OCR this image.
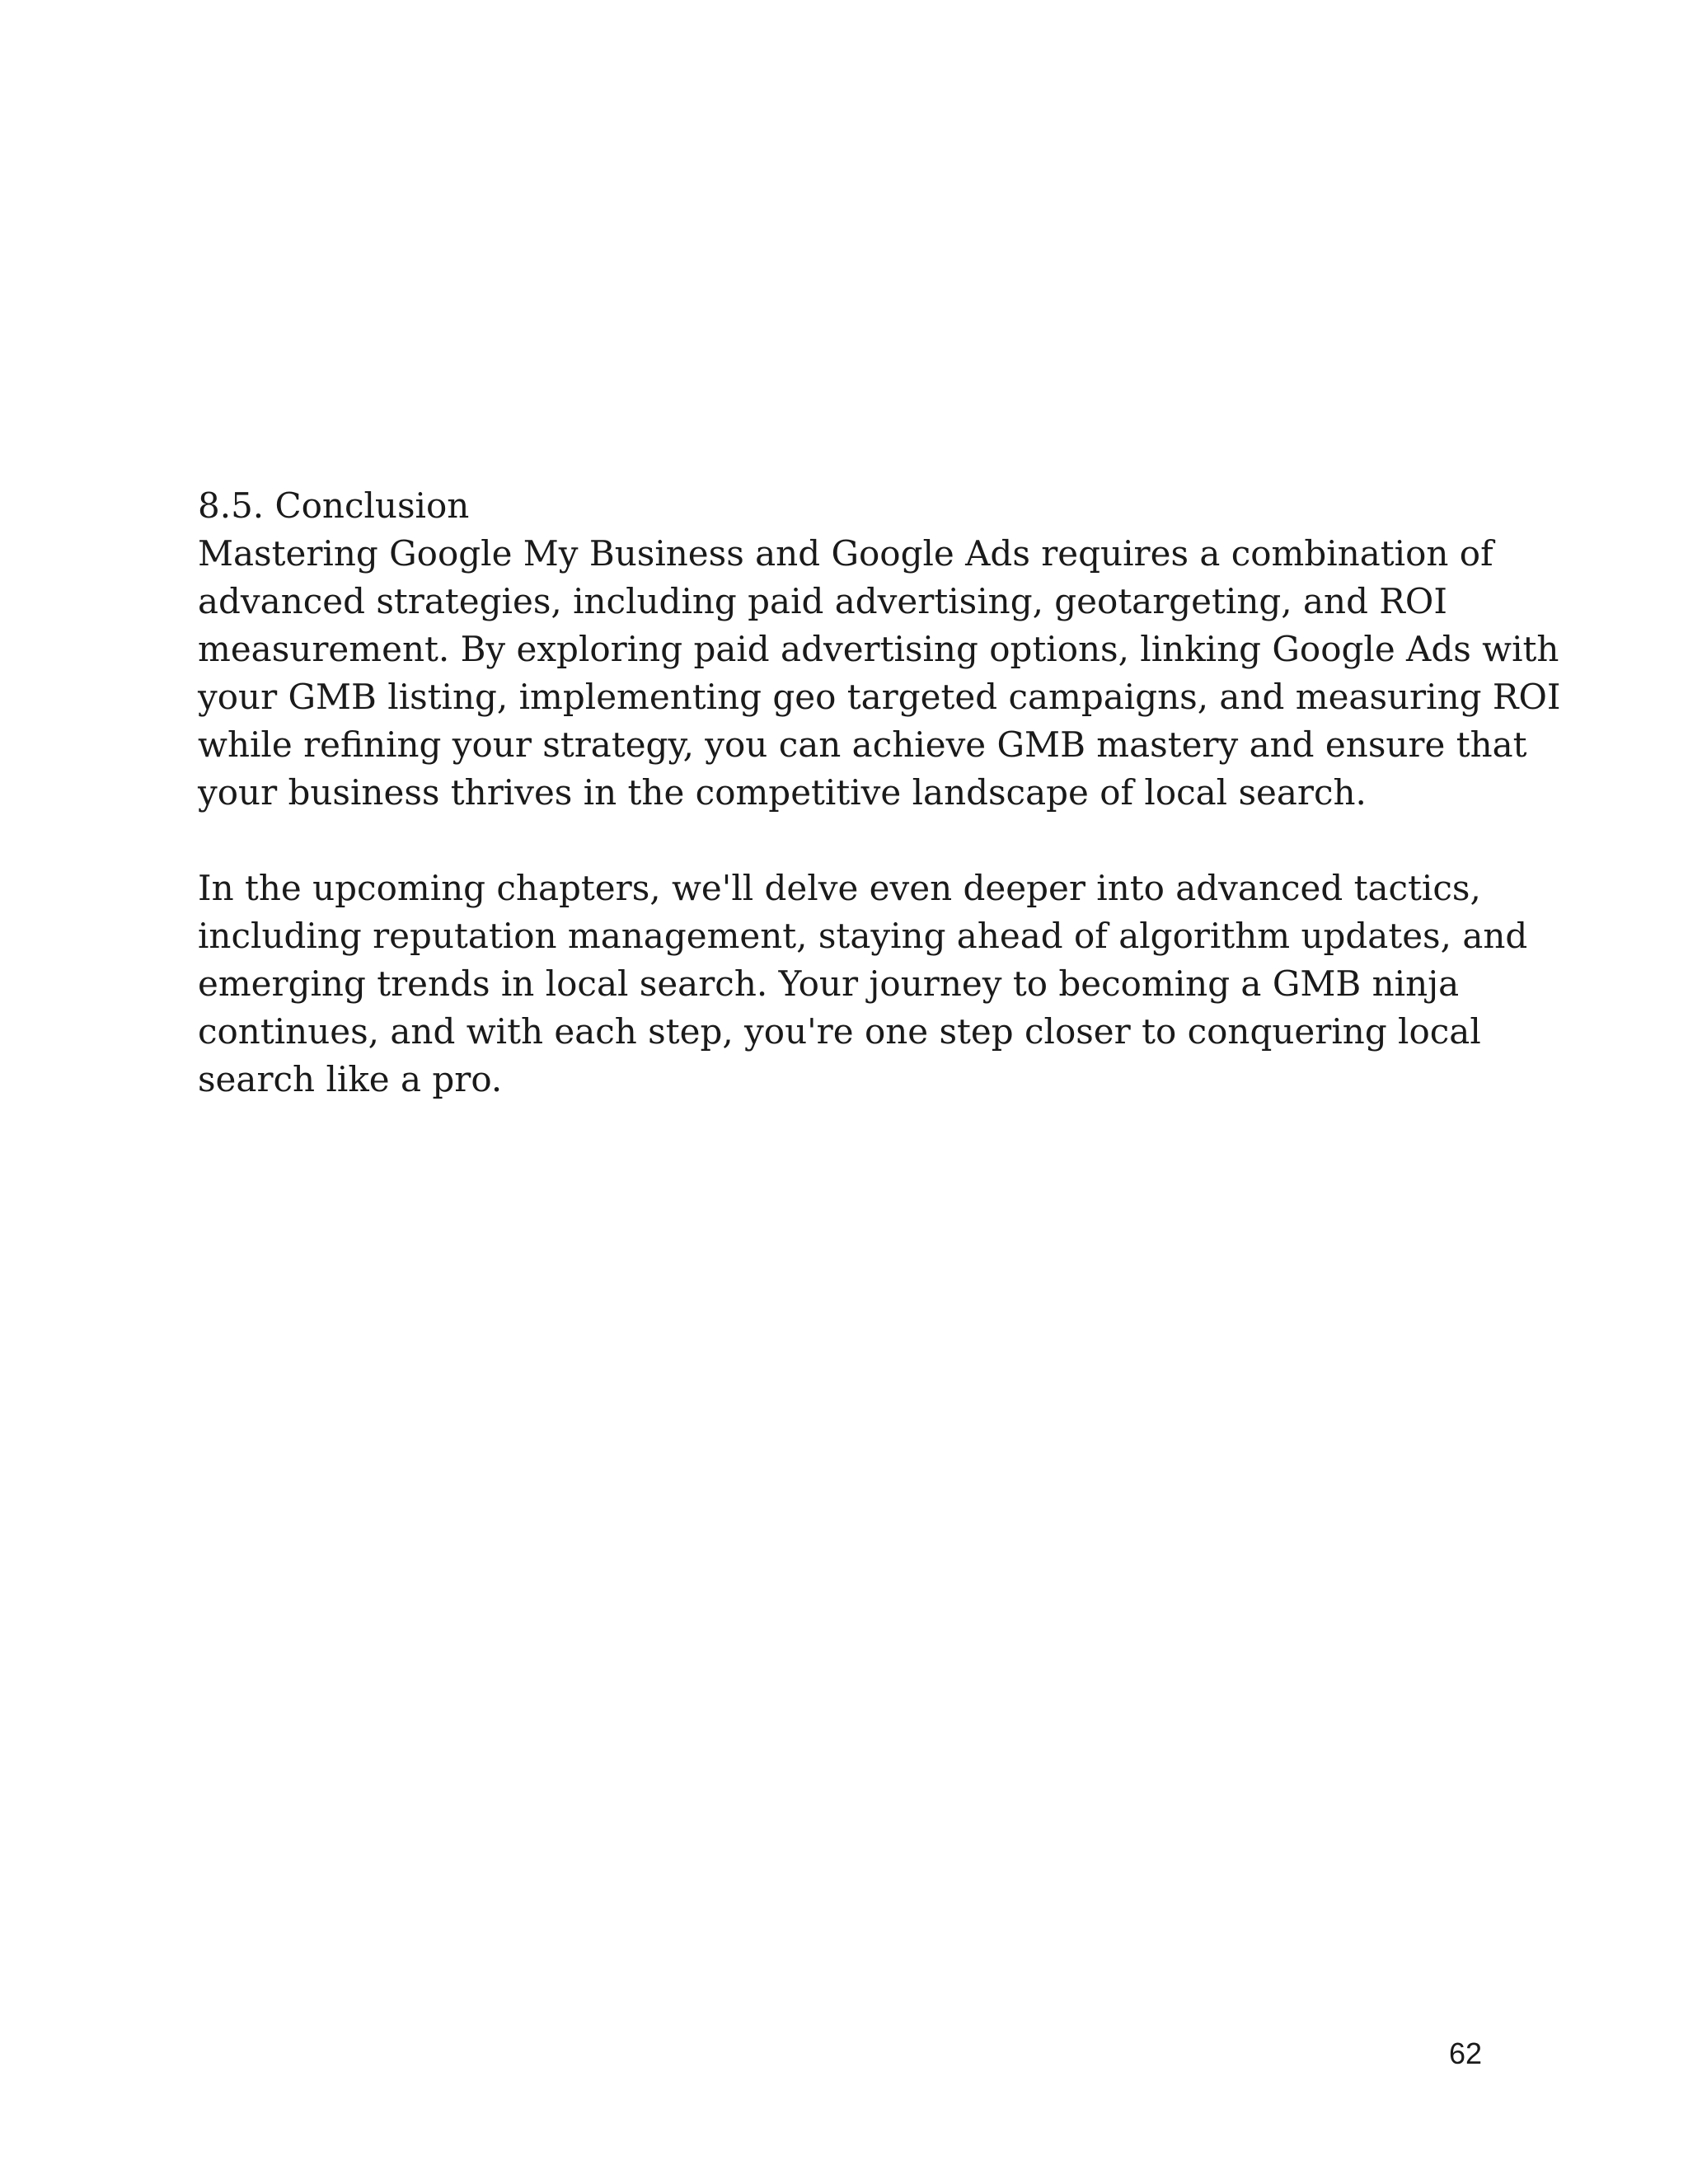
8.5. Conclusion
Mastering Google My Business and Google Ads requires a combination of
advanced strategies, including paid advertising, geotargeting, and ROI
measurement. By exploring paid advertising options, linking Google Ads with
your GMB listing, implementing geo targeted campaigns, and measuring ROI
while refining your strategy, you can achieve GMB mastery and ensure that
your business thrives in the competitive landscape of local search.
In the upcoming chapters, we'll delve even deeper into advanced tactics,
including reputation management, staying ahead of algorithm updates, and
emerging trends in local search. Your journey to becoming a GMB ninja
continues, and with each step, you're one step closer to conquering local
search like a pro.
62
